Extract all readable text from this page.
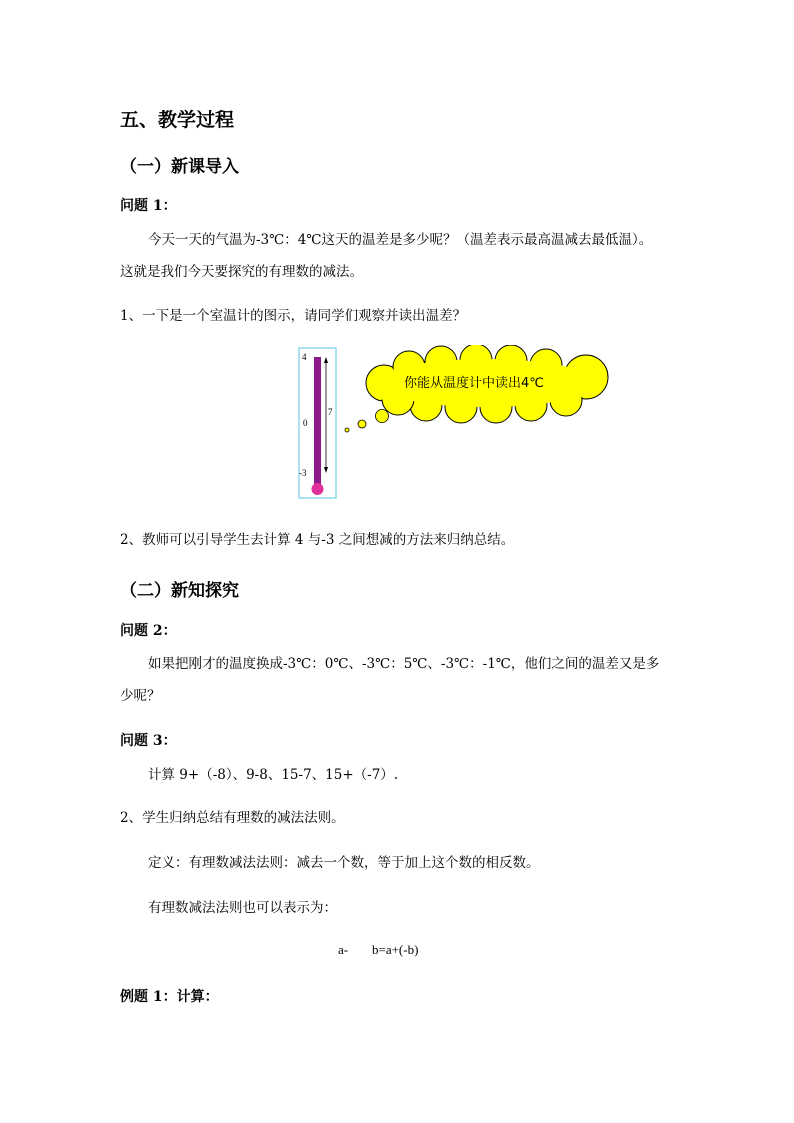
五、教学过程
（一）新课导入
问题 1：
今天一天的气温为-3℃：4℃这天的温差是多少呢？（温差表示最高温减去最低温）。
这就是我们今天要探究的有理数的减法。
1、一下是一个室温计的图示，请同学们观察并读出温差？
4
0
-3
7
你能从温度计中读出4℃
2、教师可以引导学生去计算 4 与-3 之间想减的方法来归纳总结。
（二）新知探究
问题 2：
如果把刚才的温度换成-3℃：0℃、-3℃：5℃、-3℃：-1℃，他们之间的温差又是多
少呢？
问题 3：
计算 9+（-8）、9-8、15-7、15+（-7）.
2、学生归纳总结有理数的减法法则。
定义：有理数减法法则：减去一个数，等于加上这个数的相反数。
有理数减法法则也可以表示为：
a- b=a+(-b)
例题 1：计算：
